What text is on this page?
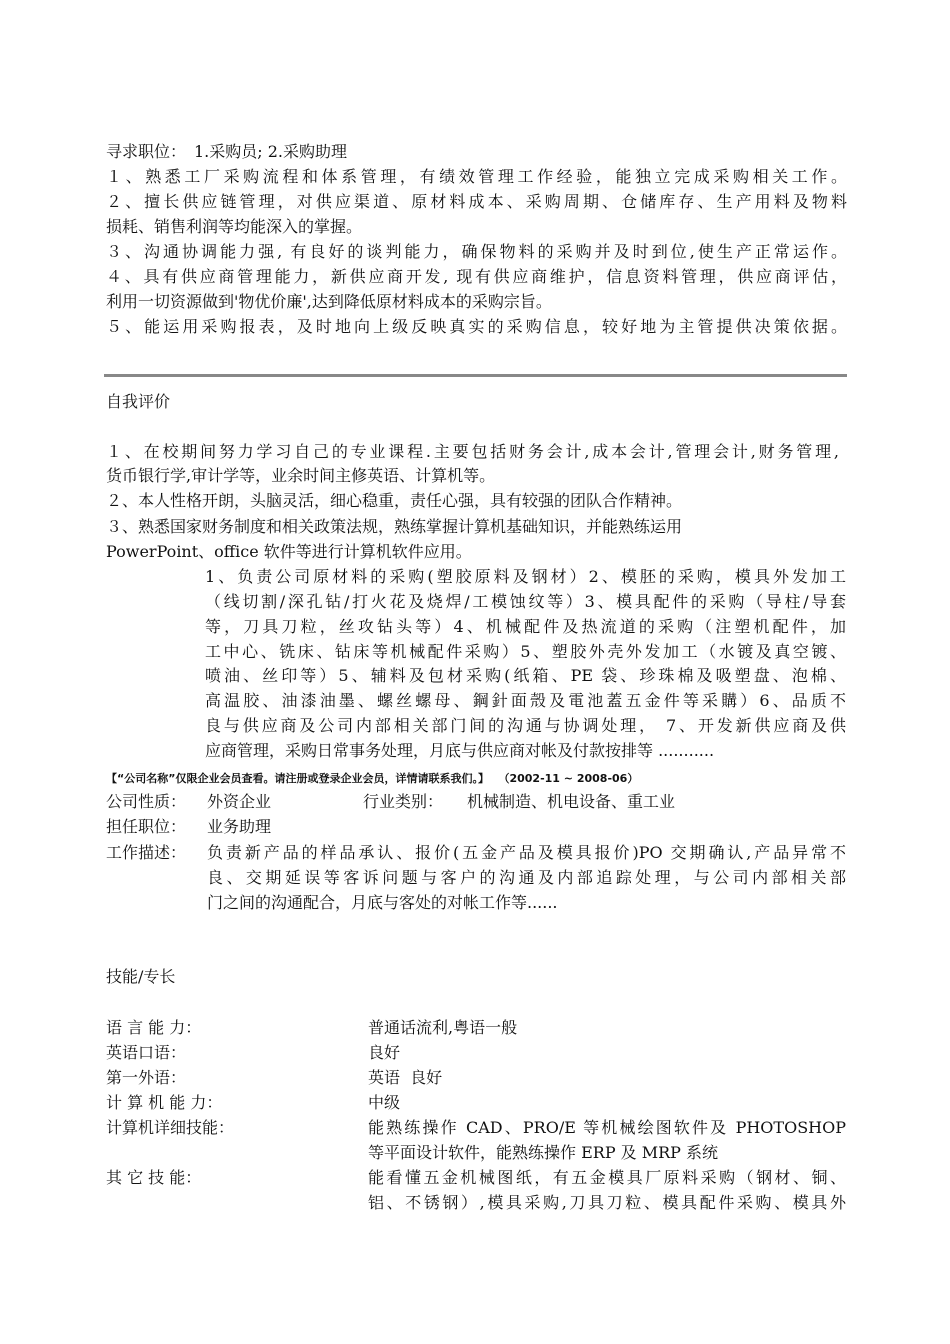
寻求职位：　1.采购员; 2.采购助理
１、熟悉工厂采购流程和体系管理，有绩效管理工作经验，能独立完成采购相关工作。
２、擅长供应链管理，对供应渠道、原材料成本、采购周期、仓储库存、生产用料及物料
损耗、销售利润等均能深入的掌握。
３、沟通协调能力强, 有良好的谈判能力，确保物料的采购并及时到位,使生产正常运作。
４、具有供应商管理能力，新供应商开发, 现有供应商维护，信息资料管理，供应商评估，
利用一切资源做到'物优价廉',达到降低原材料成本的采购宗旨。
５、能运用采购报表，及时地向上级反映真实的采购信息，较好地为主管提供决策依据。
自我评价
１、在校期间努力学习自己的专业课程.主要包括财务会计,成本会计,管理会计,财务管理,
货币银行学,审计学等，业余时间主修英语、计算机等。
２、本人性格开朗，头脑灵活，细心稳重，责任心强，具有较强的团队合作精神。
３、熟悉国家财务制度和相关政策法规，熟练掌握计算机基础知识，并能熟练运用
PowerPoint、office 软件等进行计算机软件应用。
1、负责公司原材料的采购(塑胶原料及钢材）2、模胚的采购，模具外发加工
（线切割/深孔钻/打火花及烧焊/工模蚀纹等）3、模具配件的采购（导柱/导套
等，刀具刀粒，丝攻钻头等）4、机械配件及热流道的采购（注塑机配件，加
工中心、铣床、钻床等机械配件采购）5、塑胶外壳外发加工（水镀及真空镀、
喷油、丝印等）5、辅料及包材采购(纸箱、PE 袋、珍珠棉及吸塑盘、泡棉、
高温胶、油漆油墨、螺丝螺母、鋼針面殼及電池蓋五金件等采購）6、品质不
良与供应商及公司内部相关部门间的沟通与协调处理， 7、开发新供应商及供
应商管理，采购日常事务处理，月底与供应商对帐及付款按排等 ...........
【“公司名称”仅限企业会员查看。请注册或登录企业会员，详情请联系我们。】 （2002-11 ~ 2008-06）
公司性质： 外资企业	行业类别： 机械制造、机电设备、重工业
担任职位： 业务助理
工作描述： 负责新产品的样品承认、报价(五金产品及模具报价)PO 交期确认,产品异常不
良、交期延误等客诉问题与客户的沟通及内部追踪处理，与公司内部相关部
门之间的沟通配合，月底与客处的对帐工作等......
技能/专长
语 言 能 力：	普通话流利,粤语一般
英语口语：	良好
第一外语：	英语  良好
计 算 机 能 力：	中级
计算机详细技能：	能熟练操作 CAD、PRO/E 等机械绘图软件及 PHOTOSHOP
等平面设计软件，能熟练操作 ERP 及 MRP 系统
其 它 技 能：	能看懂五金机械图纸，有五金模具厂原料采购（钢材、铜、
铝、不锈钢）,模具采购,刀具刀粒、模具配件采购、模具外
